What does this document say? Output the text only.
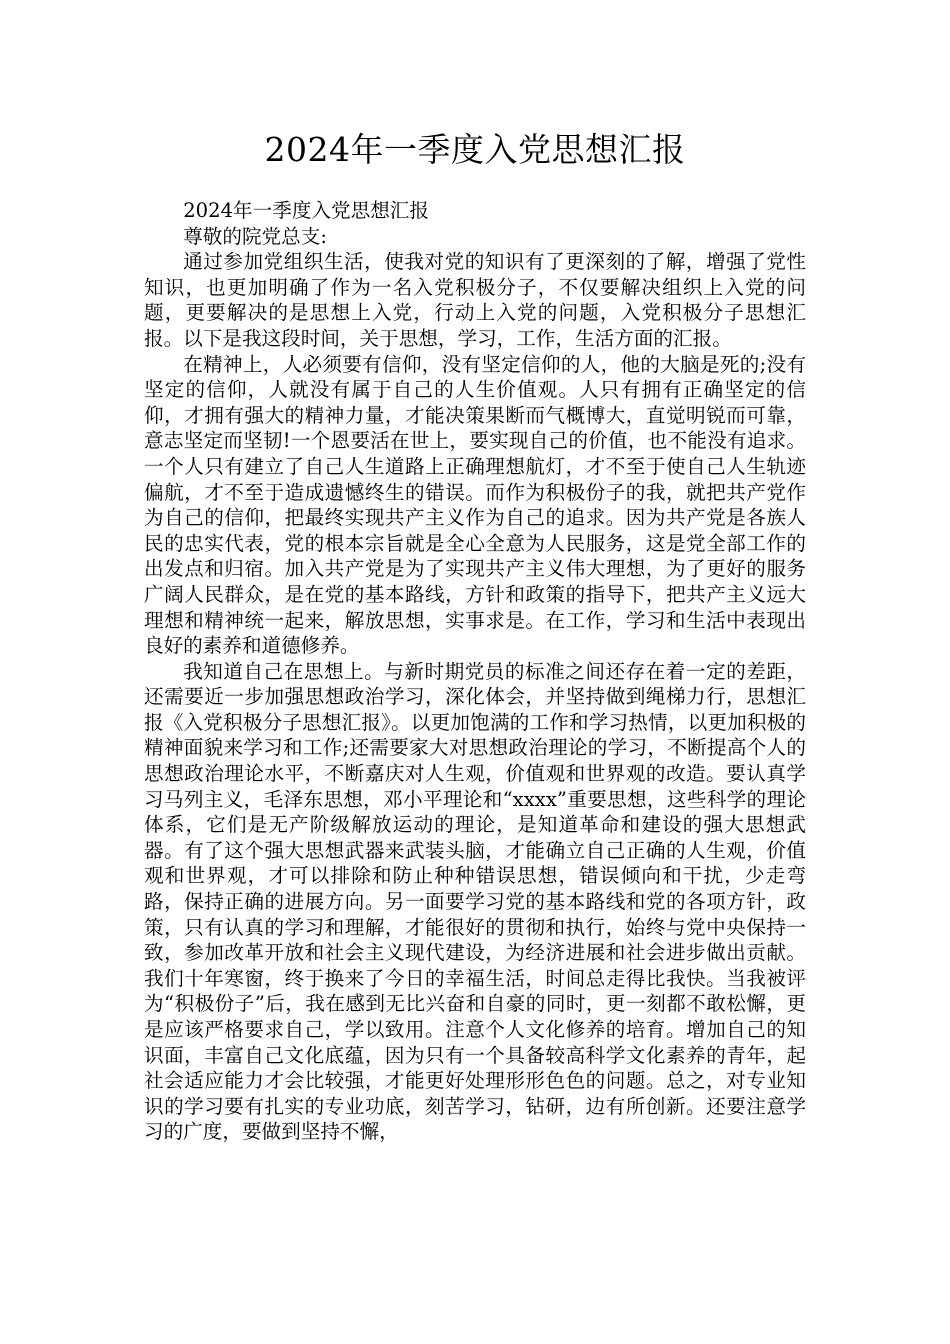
2024年一季度入党思想汇报

2024年一季度入党思想汇报

尊敬的院党总支:

通过参加党组织生活，使我对党的知识有了更深刻的了解，增强了党性知识，也更加明确了作为一名入党积极分子，不仅要解决组织上入党的问题，更要解决的是思想上入党，行动上入党的问题，入党积极分子思想汇报。以下是我这段时间，关于思想，学习，工作，生活方面的汇报。

在精神上，人必须要有信仰，没有坚定信仰的人，他的大脑是死的;没有坚定的信仰，人就没有属于自己的人生价值观。人只有拥有正确坚定的信仰，才拥有强大的精神力量，才能决策果断而气概博大，直觉明锐而可靠，意志坚定而坚韧!一个恩要活在世上，要实现自己的价值，也不能没有追求。一个人只有建立了自己人生道路上正确理想航灯，才不至于使自己人生轨迹偏航，才不至于造成遗憾终生的错误。而作为积极份子的我，就把共产党作为自己的信仰，把最终实现共产主义作为自己的追求。因为共产党是各族人民的忠实代表，党的根本宗旨就是全心全意为人民服务，这是党全部工作的出发点和归宿。加入共产党是为了实现共产主义伟大理想，为了更好的服务广阔人民群众，是在党的基本路线，方针和政策的指导下，把共产主义远大理想和精神统一起来，解放思想，实事求是。在工作，学习和生活中表现出良好的素养和道德修养。

我知道自己在思想上。与新时期党员的标准之间还存在着一定的差距，还需要近一步加强思想政治学习，深化体会，并坚持做到绳梯力行，思想汇报《入党积极分子思想汇报》。以更加饱满的工作和学习热情，以更加积极的精神面貌来学习和工作;还需要家大对思想政治理论的学习，不断提高个人的思想政治理论水平，不断嘉庆对人生观，价值观和世界观的改造。要认真学习马列主义，毛泽东思想，邓小平理论和“xxxx”重要思想，这些科学的理论体系，它们是无产阶级解放运动的理论，是知道革命和建设的强大思想武器。有了这个强大思想武器来武装头脑，才能确立自己正确的人生观，价值观和世界观，才可以排除和防止种种错误思想，错误倾向和干扰，少走弯路，保持正确的进展方向。另一面要学习党的基本路线和党的各项方针，政策，只有认真的学习和理解，才能很好的贯彻和执行，始终与党中央保持一致，参加改革开放和社会主义现代建设，为经济进展和社会进步做出贡献。我们十年寒窗，终于换来了今日的幸福生活，时间总走得比我快。当我被评为“积极份子”后，我在感到无比兴奋和自豪的同时，更一刻都不敢松懈，更是应该严格要求自己，学以致用。注意个人文化修养的培育。增加自己的知识面，丰富自己文化底蕴，因为只有一个具备较高科学文化素养的青年，起社会适应能力才会比较强，才能更好处理形形色色的问题。总之，对专业知识的学习要有扎实的专业功底，刻苦学习，钻研，边有所创新。还要注意学习的广度，要做到坚持不懈，
